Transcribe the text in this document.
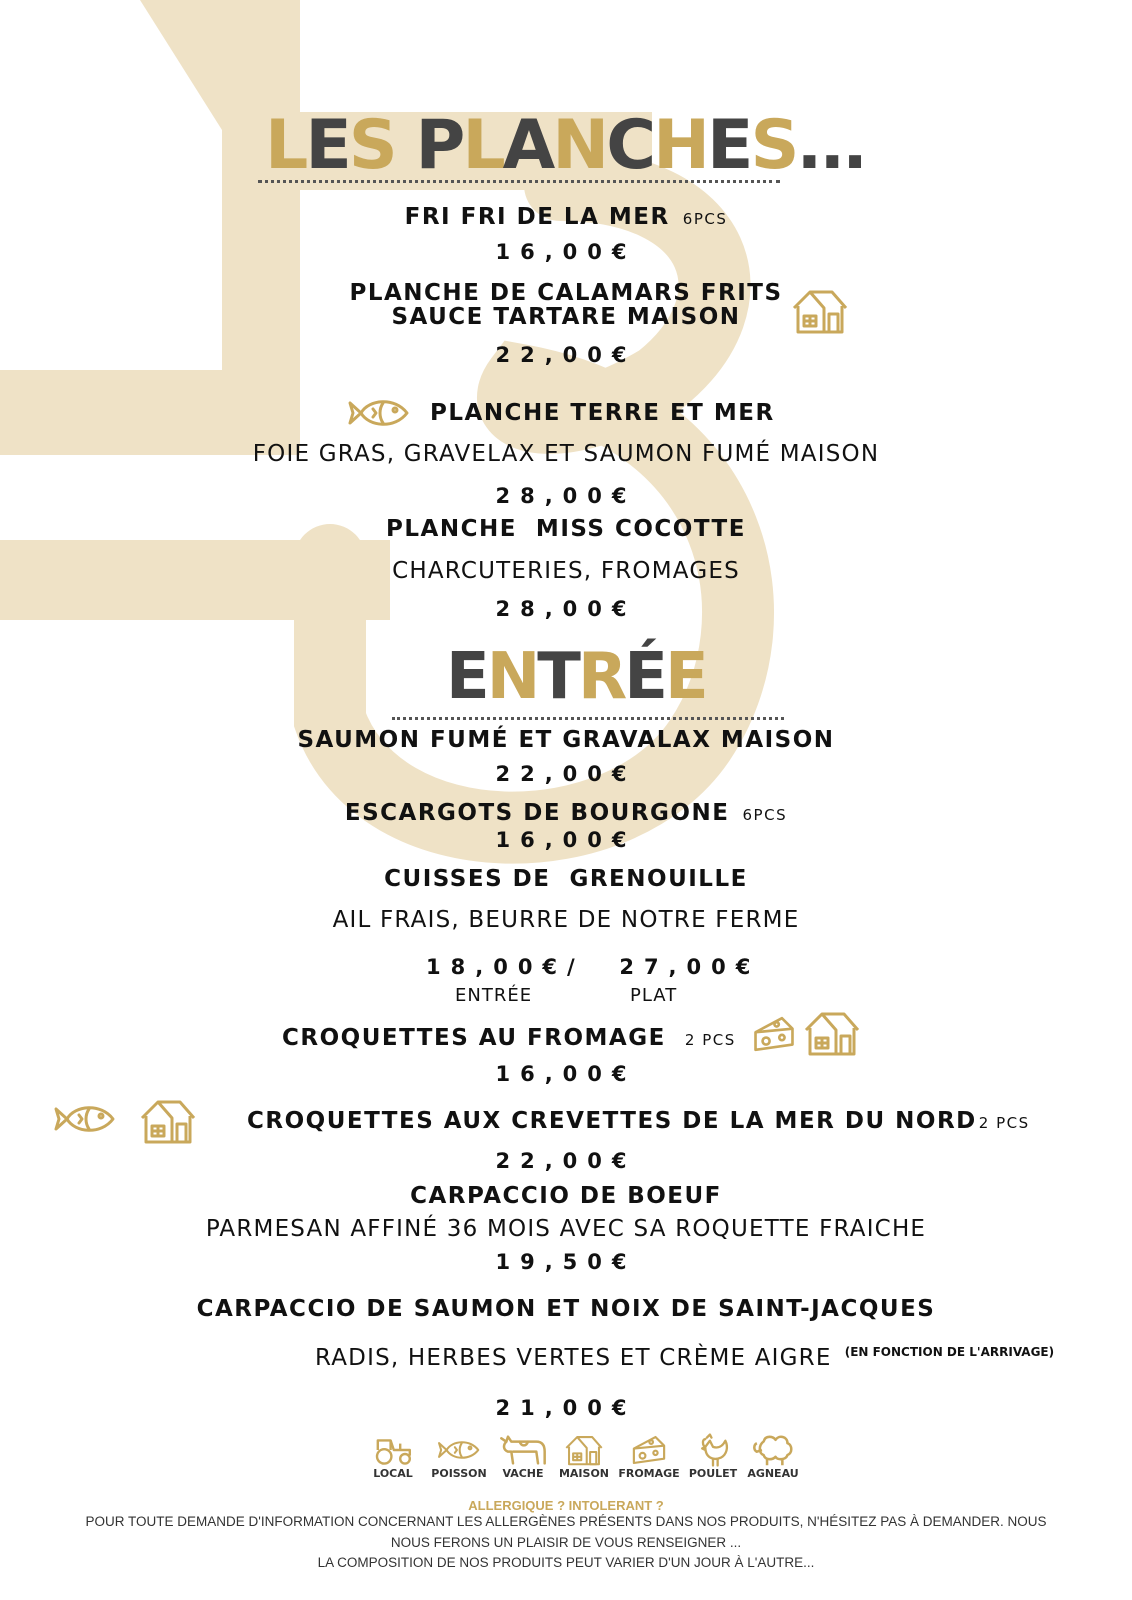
LES PLANCHES...
FRI FRI DE LA MER 6PCS
16,00€
PLANCHE DE CALAMARS FRITS
SAUCE TARTARE MAISON
22,00€
PLANCHE TERRE ET MER
FOIE GRAS, GRAVELAX ET SAUMON FUMÉ MAISON
28,00€
PLANCHE  MISS COCOTTE
CHARCUTERIES, FROMAGES
28,00€
ENTRÉE
SAUMON FUMÉ ET GRAVALAX MAISON
22,00€
ESCARGOTS DE BOURGONE 6PCS
16,00€
CUISSES DE  GRENOUILLE
AIL FRAIS, BEURRE DE NOTRE FERME
18,00€/  27,00€
ENTRÉE	PLAT
CROQUETTES AU FROMAGE 2 PCS
16,00€
CROQUETTES AUX CREVETTES DE LA MER DU NORD 2 PCS
22,00€
CARPACCIO DE BOEUF
PARMESAN AFFINÉ 36 MOIS AVEC SA ROQUETTE FRAICHE
19,50€
CARPACCIO DE SAUMON ET NOIX DE SAINT-JACQUES
RADIS, HERBES VERTES ET CRÈME AIGRE $^{(EN FONCTION DE L'ARRIVAGE)}$
21,00€
LOCAL	POISSON	VACHE	MAISON FROMAGE POULET AGNEAU
ALLERGIQUE ? INTOLERANT ?
POUR TOUTE DEMANDE D'INFORMATION CONCERNANT LES ALLERGÈNES PRÉSENTS DANS NOS PRODUITS, N'HÉSITEZ PAS À DEMANDER. NOUS
NOUS FERONS UN PLAISIR DE VOUS RENSEIGNER ...
LA COMPOSITION DE NOS PRODUITS PEUT VARIER D'UN JOUR À L'AUTRE...
